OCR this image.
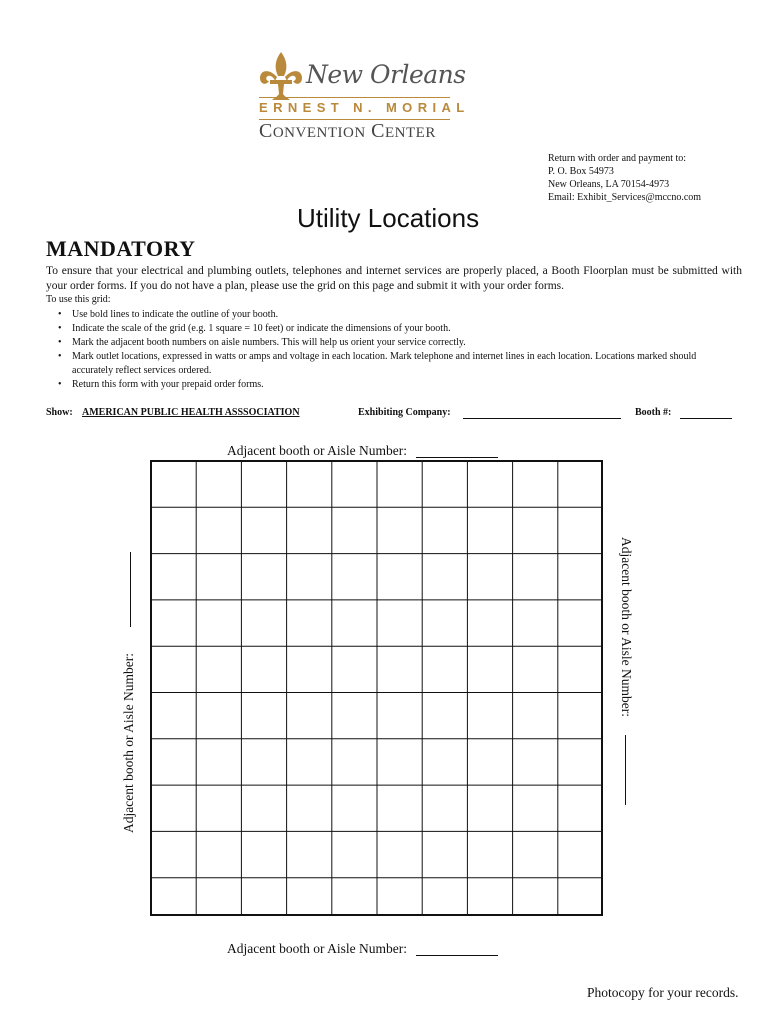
New Orleans
ERNEST N. MORIAL
CONVENTION CENTER
Return with order and payment to:
P. O. Box 54973
New Orleans, LA 70154-4973
Email: Exhibit_Services@mccno.com
Utility Locations
MANDATORY
To ensure that your electrical and plumbing outlets, telephones and internet services are properly placed, a Booth Floorplan must be submitted with your order forms. If you do not have a plan, please use the grid on this page and submit it with your order forms.
To use this grid:
• Use bold lines to indicate the outline of your booth.
• Indicate the scale of the grid (e.g. 1 square = 10 feet) or indicate the dimensions of your booth.
• Mark the adjacent booth numbers on aisle numbers. This will help us orient your service correctly.
• Mark outlet locations, expressed in watts or amps and voltage in each location. Mark telephone and internet lines in each location. Locations marked should accurately reflect services ordered.
• Return this form with your prepaid order forms.
Show: AMERICAN PUBLIC HEALTH ASSSOCIATION	Exhibiting Company:	Booth #:
Adjacent booth or Aisle Number:
Adjacent booth or Aisle Number:
Adjacent booth or Aisle Number:
Adjacent booth or Aisle Number:
Photocopy for your records.
